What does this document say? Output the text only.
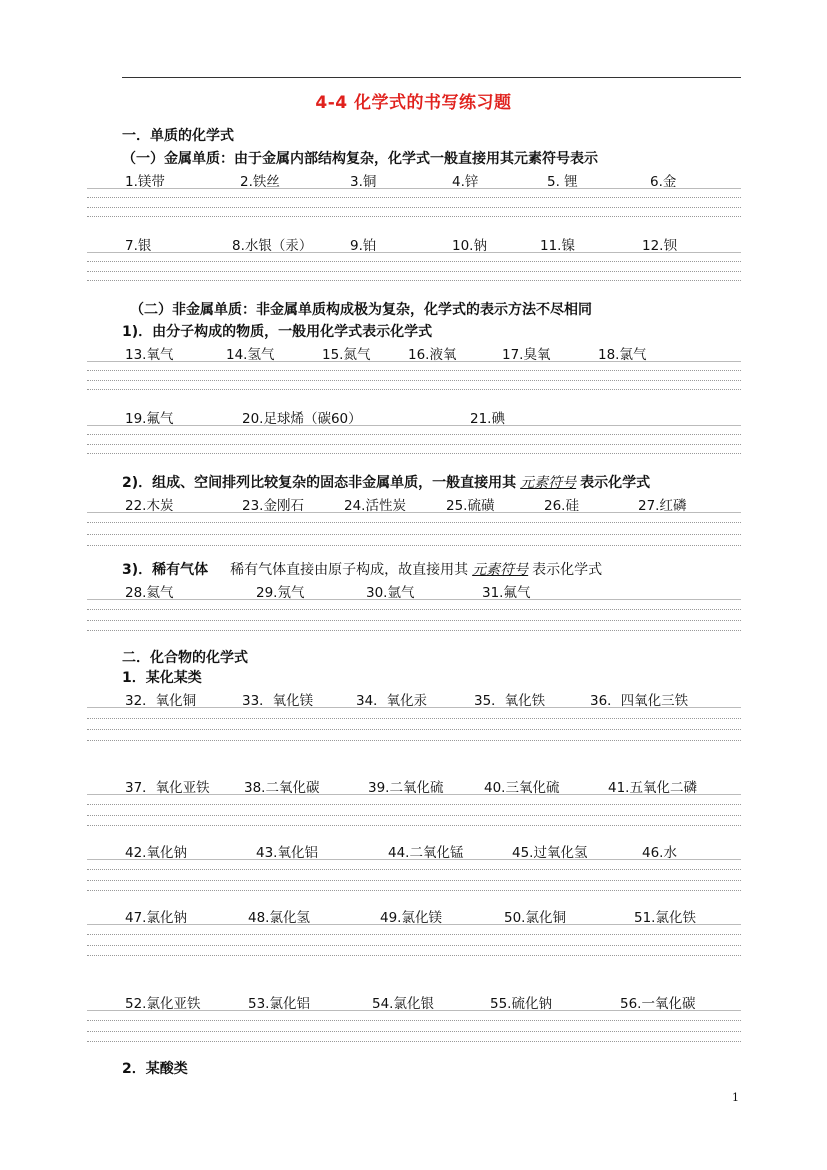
4-4 化学式的书写练习题
一．单质的化学式
（一）金属单质：由于金属内部结构复杂，化学式一般直接用其元素符号表示
1.镁带	2.铁丝	3.铜	4.锌	5. 锂	6.金
7.银	8.水银（汞）	9.铂	10.钠	11.镍	12.钡
（二）非金属单质：非金属单质构成极为复杂，化学式的表示方法不尽相同
1)．由分子构成的物质，一般用化学式表示化学式
13.氧气	14.氢气	15.氮气	16.液氧	17.臭氧	18.氯气
19.氟气	20.足球烯（碳60）	21.碘
2)．组成、空间排列比较复杂的固态非金属单质，一般直接用其 元素符号 表示化学式
22.木炭	23.金刚石	24.活性炭	25.硫磺	26.硅	27.红磷
3)．稀有气体 稀有气体直接由原子构成，故直接用其 元素符号 表示化学式
28.氦气	29.氖气	30.氩气	31.氟气
二．化合物的化学式
1．某化某类
32．氧化铜	33．氧化镁	34．氧化汞	35．氧化铁	36．四氧化三铁
37．氧化亚铁	38.二氧化碳	39.二氧化硫	40.三氧化硫	41.五氧化二磷
42.氧化钠	43.氧化铝	44.二氧化锰	45.过氧化氢	46.水
47.氯化钠	48.氯化氢	49.氯化镁	50.氯化铜	51.氯化铁
52.氯化亚铁	53.氯化铝	54.氯化银	55.硫化钠	56.一氧化碳
2．某酸类
1
